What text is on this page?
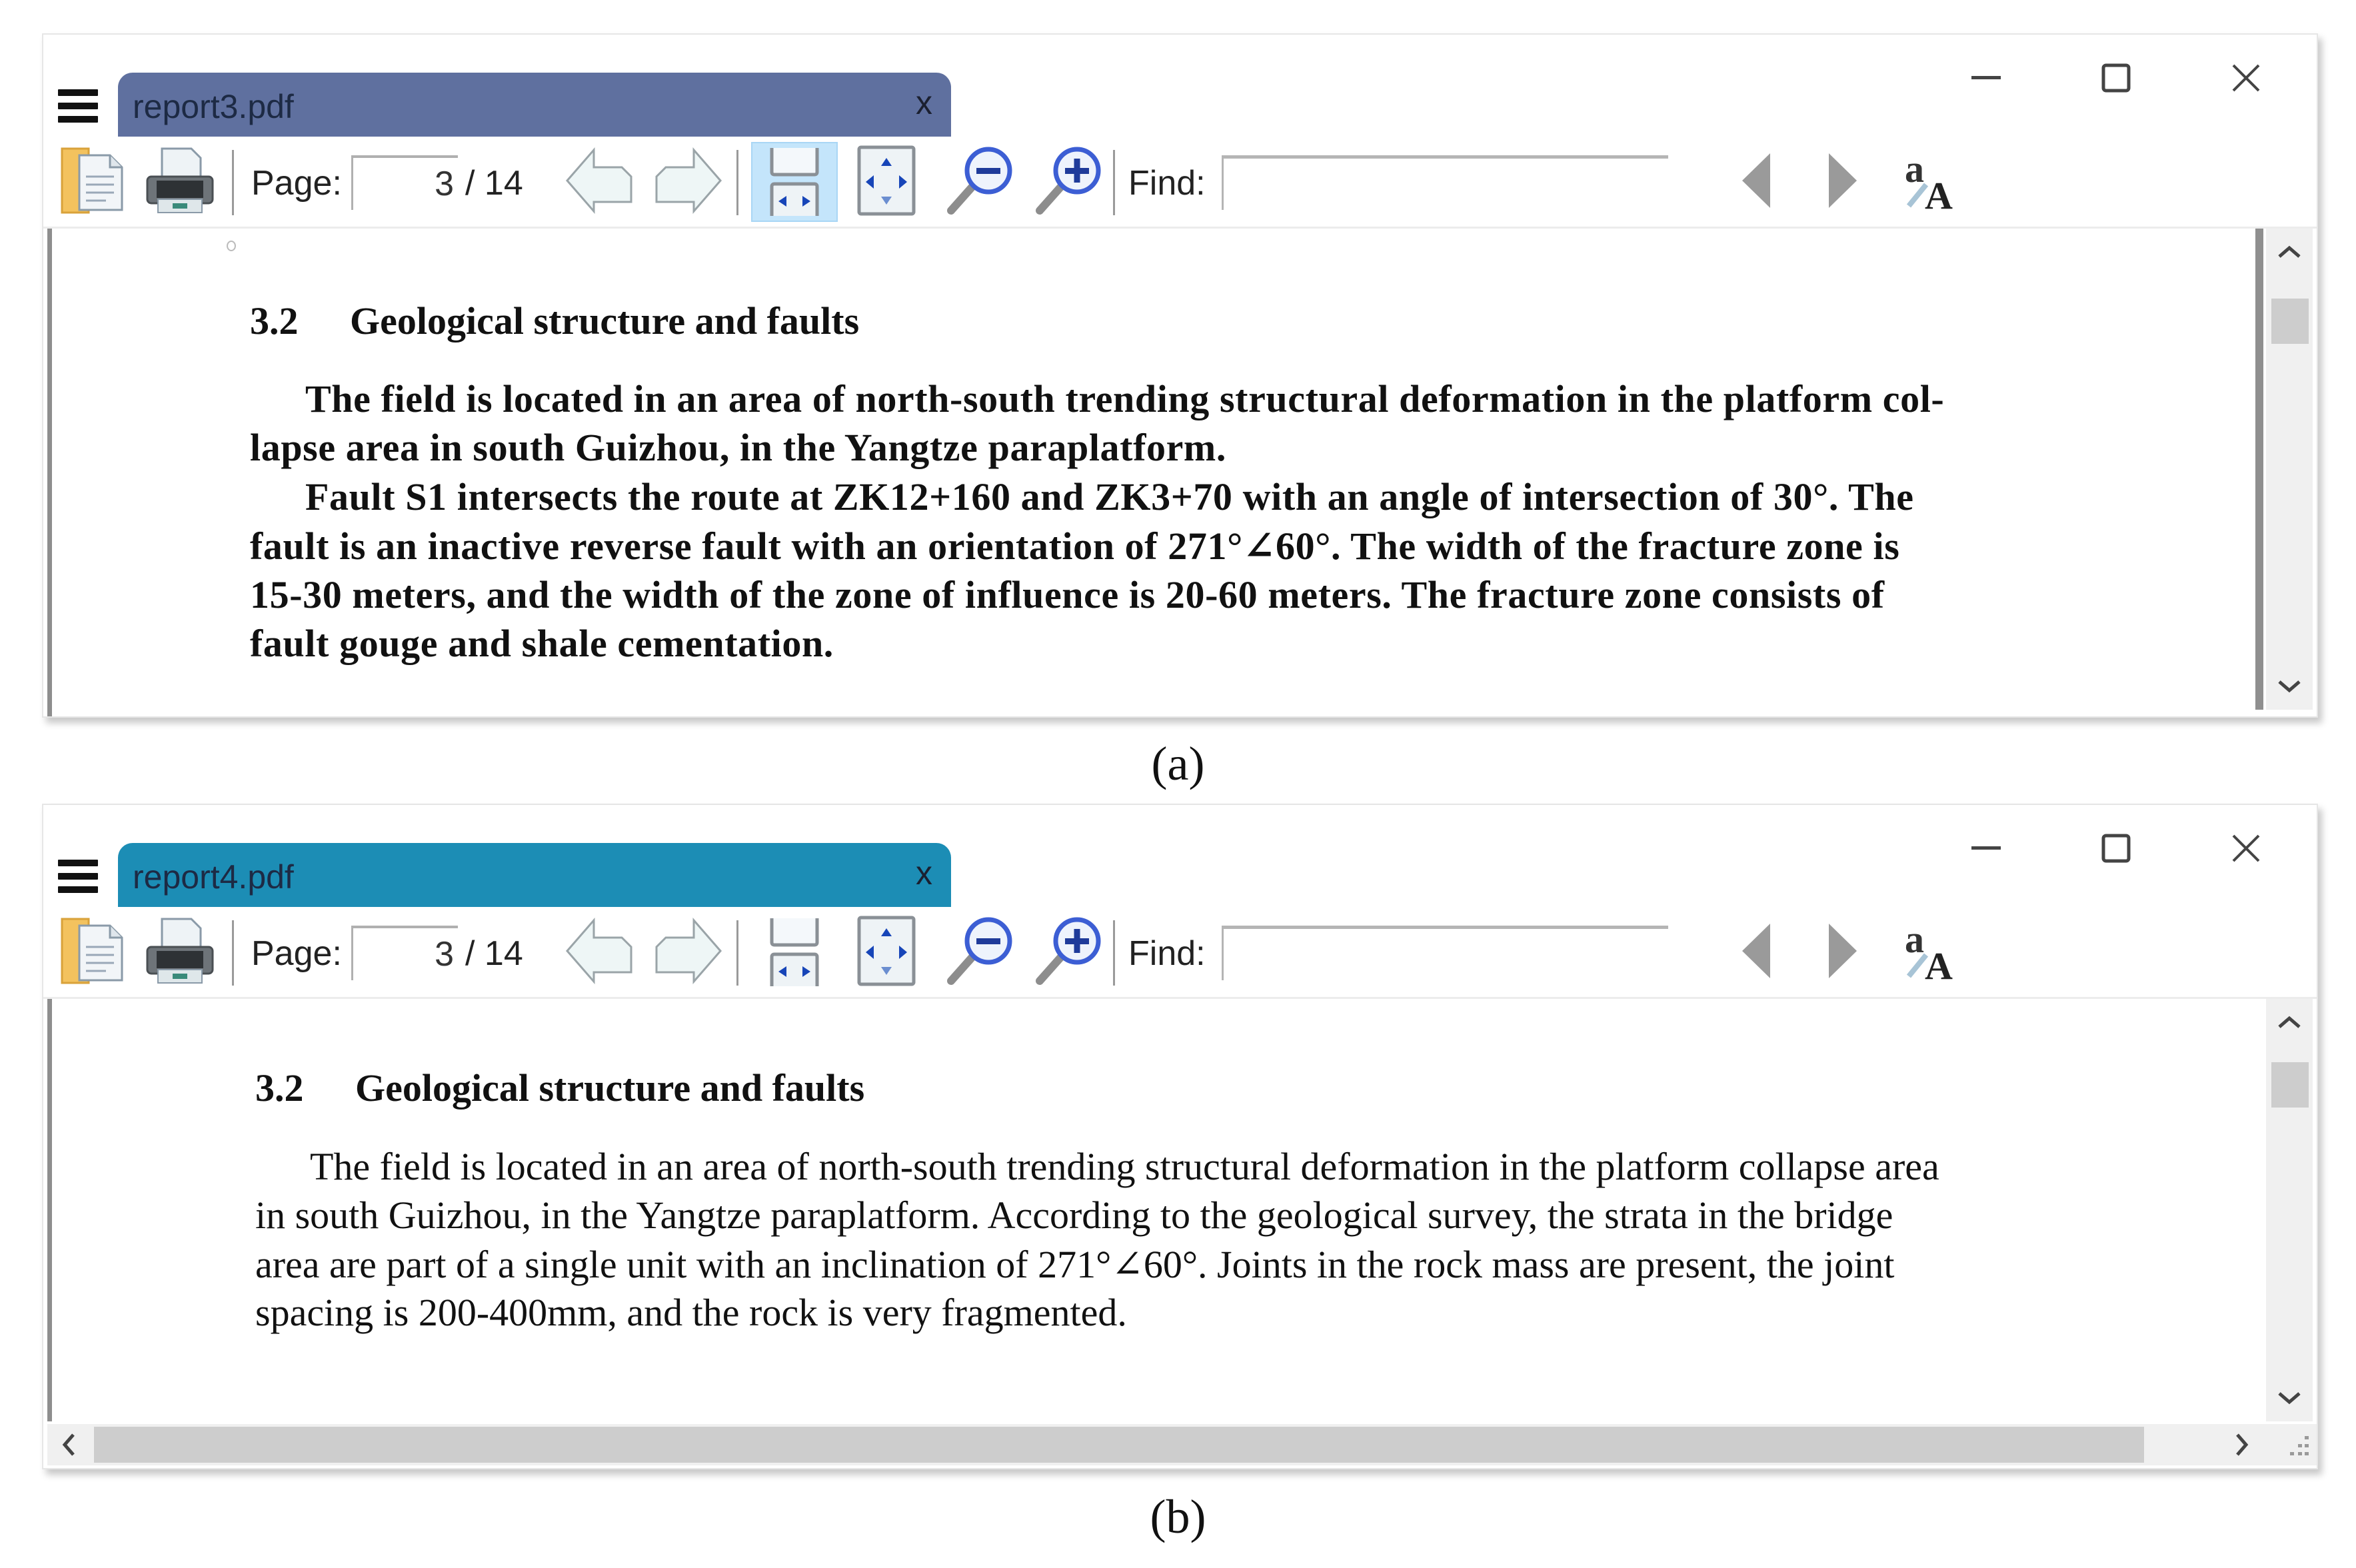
report3.pdf	x
Page:
3	/ 14	Find:	a
A
3.2 Geological structure and faults
The field is located in an area of north-south trending structural deformation in the platform col-
lapse area in south Guizhou, in the Yangtze paraplatform.
Fault S1 intersects the route at ZK12+160 and ZK3+70 with an angle of intersection of 30°. The
fault is an inactive reverse fault with an orientation of 271°∠60°. The width of the fracture zone is
15-30 meters, and the width of the zone of influence is 20-60 meters. The fracture zone consists of
fault gouge and shale cementation.
(a)
report4.pdf	x
Page:
3	/ 14	Find:	a
A
3.2 Geological structure and faults
The field is located in an area of north-south trending structural deformation in the platform collapse area
in south Guizhou, in the Yangtze paraplatform. According to the geological survey, the strata in the bridge
area are part of a single unit with an inclination of 271°∠60°. Joints in the rock mass are present, the joint
spacing is 200-400mm, and the rock is very fragmented.
(b)
